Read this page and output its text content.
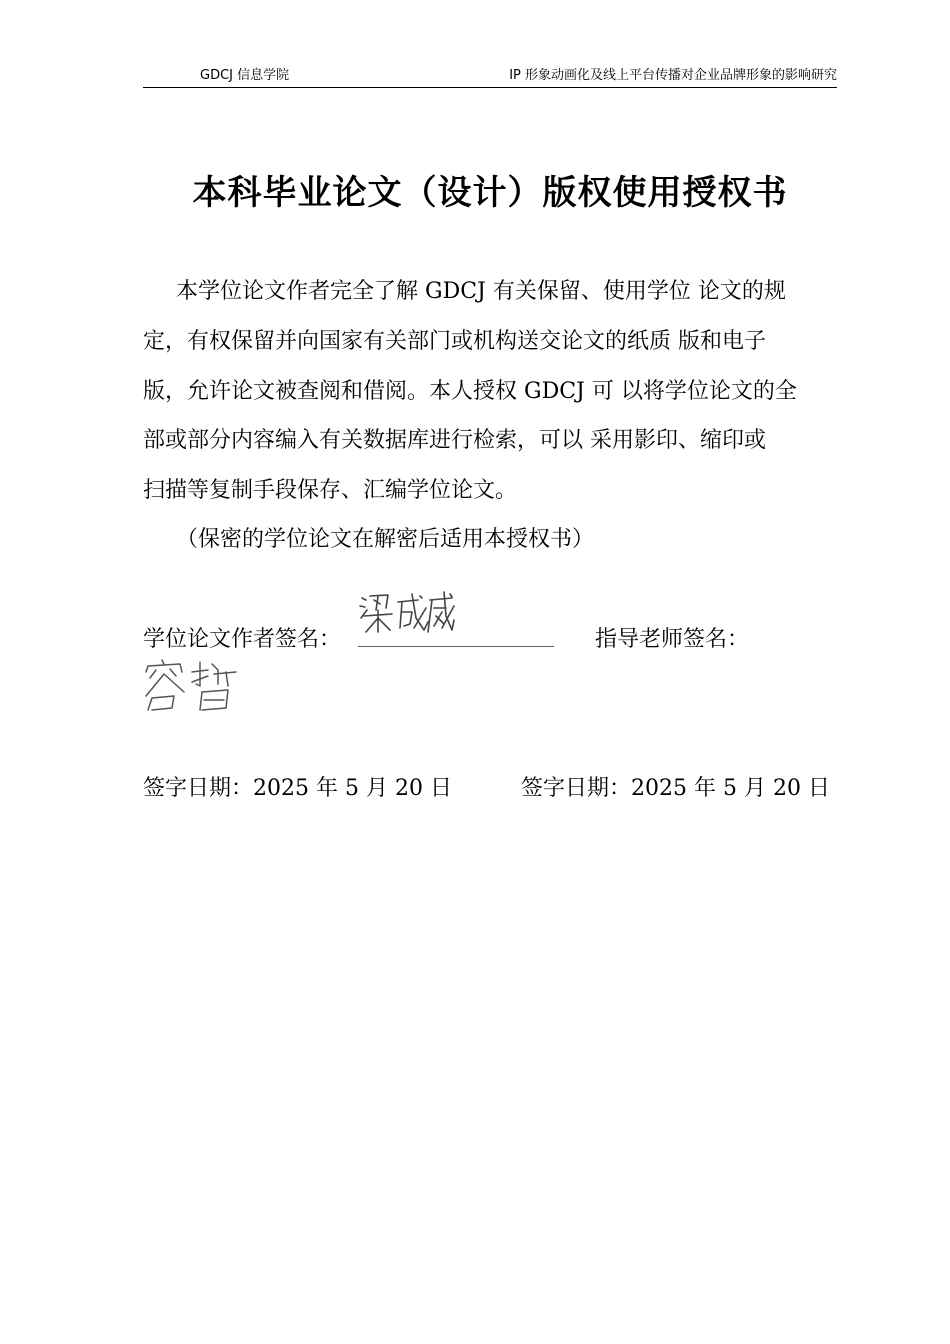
GDCJ 信息学院	IP 形象动画化及线上平台传播对企业品牌形象的影响研究
本科毕业论文（设计）版权使用授权书
本学位论文作者完全了解 GDCJ 有关保留、使用学位 论文的规
定，有权保留并向国家有关部门或机构送交论文的纸质 版和电子
版，允许论文被查阅和借阅。本人授权 GDCJ 可 以将学位论文的全
部或部分内容编入有关数据库进行检索，可以 采用影印、缩印或
扫描等复制手段保存、汇编学位论文。
（保密的学位论文在解密后适用本授权书）
学位论文作者签名：	指导老师签名：
签字日期：2025 年 5 月 20 日	签字日期：2025 年 5 月 20 日
